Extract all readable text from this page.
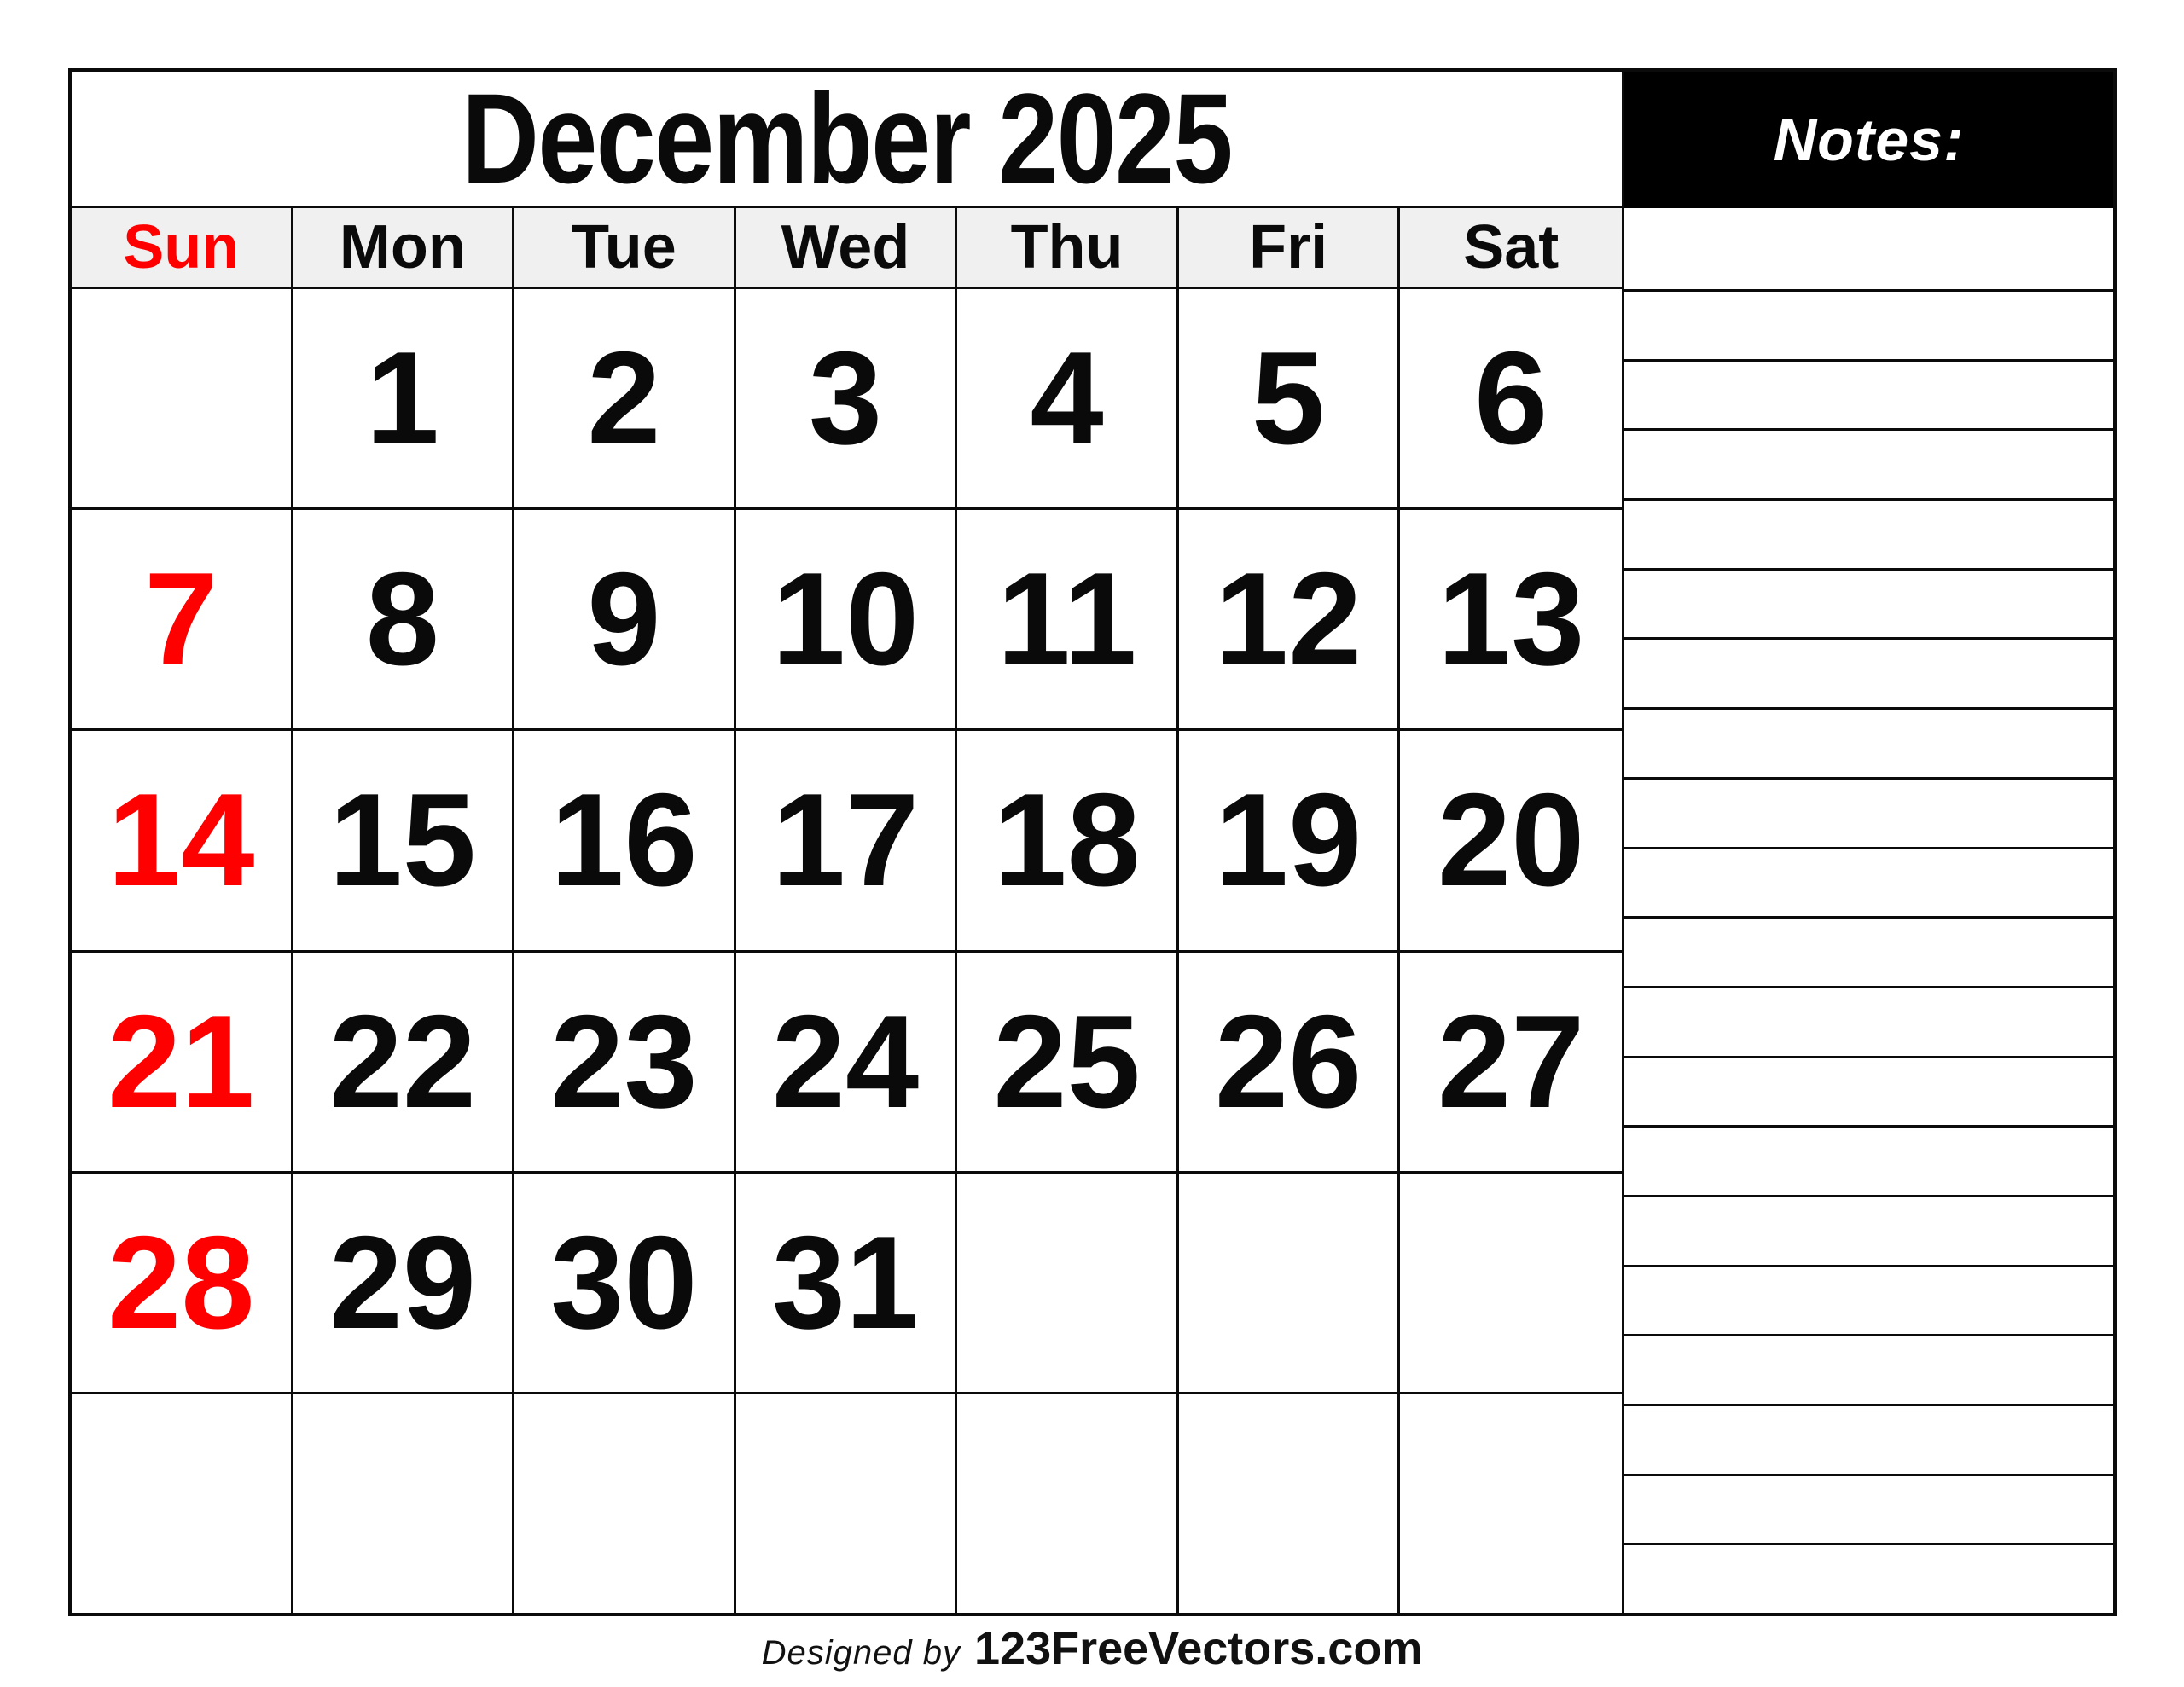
December 2025
Sun Mon Tue Wed Thu Fri Sat
1 2 3 4 5 6
7 8 9 10 11 12 13
14 15 16 17 18 19 20
21 22 23 24 25 26 27
28 29 30 31
Notes:
Designed by 123FreeVectors.com
